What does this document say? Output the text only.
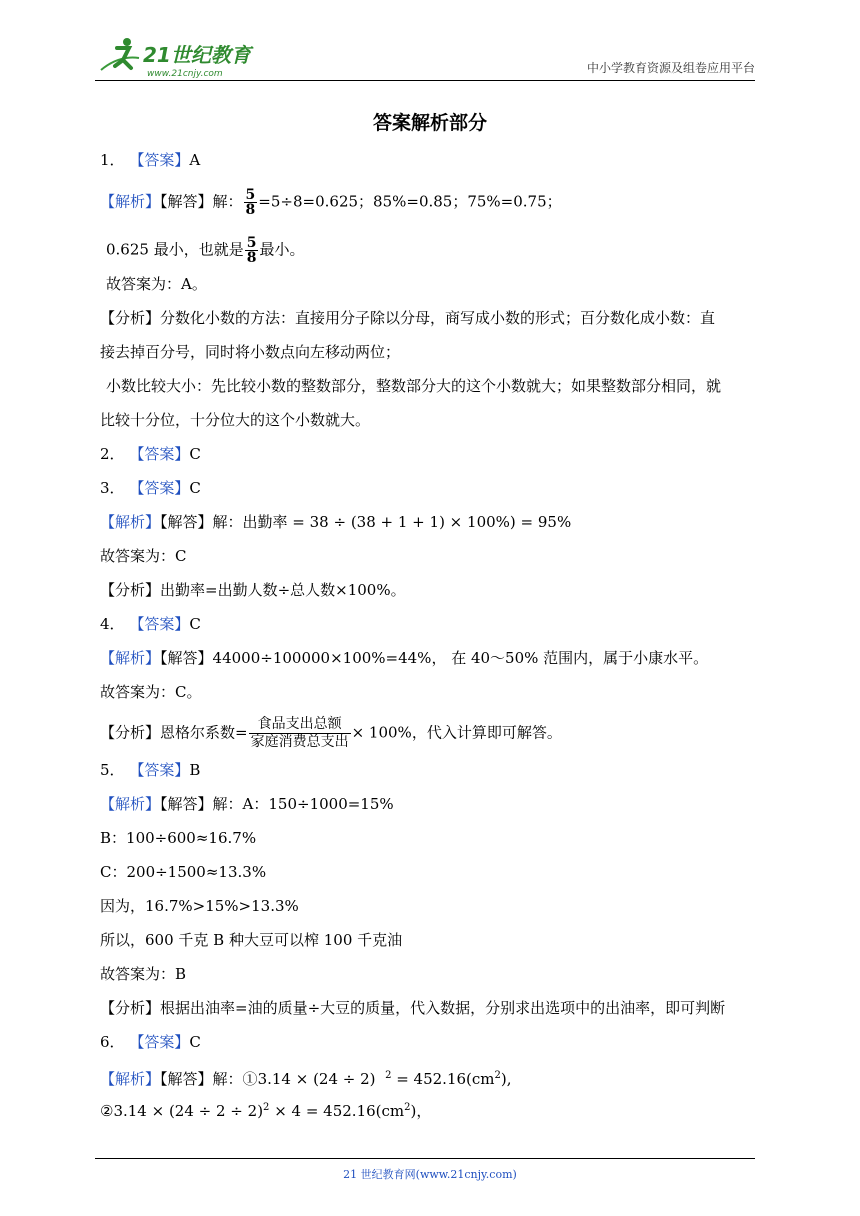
21世纪教育
www.21cnjy.com	中小学教育资源及组卷应用平台
答案解析部分
1． 【答案】A
【解析】【解答】解： $\frac{5}{8} =5\div 8=0.625$；85%=0.85；75%=0.75；
0.625 最小，也就是 $\frac{5}{8}$ 最小。
故答案为：A。
【分析】分数化小数的方法：直接用分子除以分母，商写成小数的形式；百分数化成小数：直
接去掉百分号，同时将小数点向左移动两位；
小数比较大小：先比较小数的整数部分，整数部分大的这个小数就大；如果整数部分相同，就
比较十分位，十分位大的这个小数就大。
2． 【答案】C
3． 【答案】C
【解析】【解答】解：出勤率 = 38 ÷ (38 + 1 + 1) × 100%) = 95%
故答案为：C
【分析】出勤率=出勤人数÷总人数×100%。
4． 【答案】C
【解析】【解答】44000÷100000×100%=44%， 在 40～50% 范围内，属于小康水平。
故答案为：C。
【分析】恩格尔系数= $\frac{\text{食品支出总额}}{\text{家庭消费总支出}} \times 100\%$，代入计算即可解答。
5． 【答案】B
【解析】【解答】解：A：150÷1000=15%
B：100÷600≈16.7%
C：200÷1500≈13.3%
因为，16.7%>15%>13.3%
所以，600 千克 B 种大豆可以榨 100 千克油
故答案为：B
【分析】根据出油率=油的质量÷大豆的质量，代入数据，分别求出选项中的出油率，即可判断
6． 【答案】C
【解析】【解答】解：①3.14 × (24 ÷ 2) $^2 = 452.16(cm^2)$,
②3.14 × $(24 \div 2 \div 2)^2 \times 4 = 452.16(cm^2)$，
21 世纪教育网(www.21cnjy.com)
